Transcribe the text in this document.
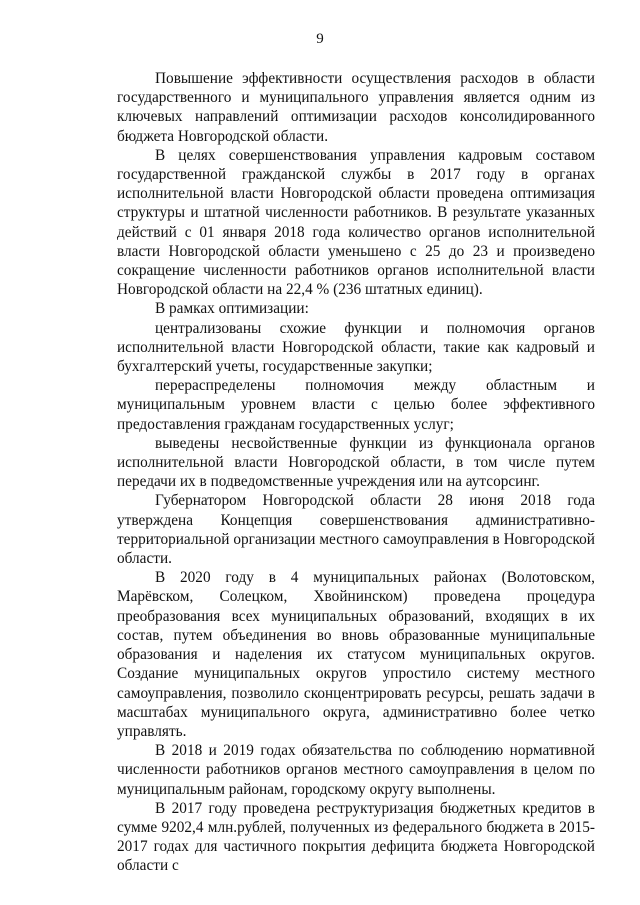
9

Повышение эффективности осуществления расходов в области государственного и муниципального управления является одним из ключевых направлений оптимизации расходов консолидированного бюджета Новгородской области.

В целях совершенствования управления кадровым составом государственной гражданской службы в 2017 году в органах исполнительной власти Новгородской области проведена оптимизация структуры и штатной численности работников. В результате указанных действий с 01 января 2018 года количество органов исполнительной власти Новгородской области уменьшено с 25 до 23 и произведено сокращение численности работников органов исполнительной власти Новгородской области на 22,4 % (236 штатных единиц).

В рамках оптимизации:

централизованы схожие функции и полномочия органов исполнительной власти Новгородской области, такие как кадровый и бухгалтерский учеты, государственные закупки;

перераспределены полномочия между областным и муниципальным уровнем власти с целью более эффективного предоставления гражданам государственных услуг;

выведены несвойственные функции из функционала органов исполнительной власти Новгородской области, в том числе путем передачи их в подведомственные учреждения или на аутсорсинг.

Губернатором Новгородской области 28 июня 2018 года утверждена Концепция совершенствования административно-территориальной организации местного самоуправления в Новгородской области.

В 2020 году в 4 муниципальных районах (Волотовском, Марёвском, Солецком, Хвойнинском) проведена процедура преобразования всех муниципальных образований, входящих в их состав, путем объединения во вновь образованные муниципальные образования и наделения их статусом муниципальных округов. Создание муниципальных округов упростило систему местного самоуправления, позволило сконцентрировать ресурсы, решать задачи в масштабах муниципального округа, административно более четко управлять.

В 2018 и 2019 годах обязательства по соблюдению нормативной численности работников органов местного самоуправления в целом по муниципальным районам, городскому округу выполнены.

В 2017 году проведена реструктуризация бюджетных кредитов в сумме 9202,4 млн.рублей, полученных из федерального бюджета в 2015-2017 годах для частичного покрытия дефицита бюджета Новгородской области с
